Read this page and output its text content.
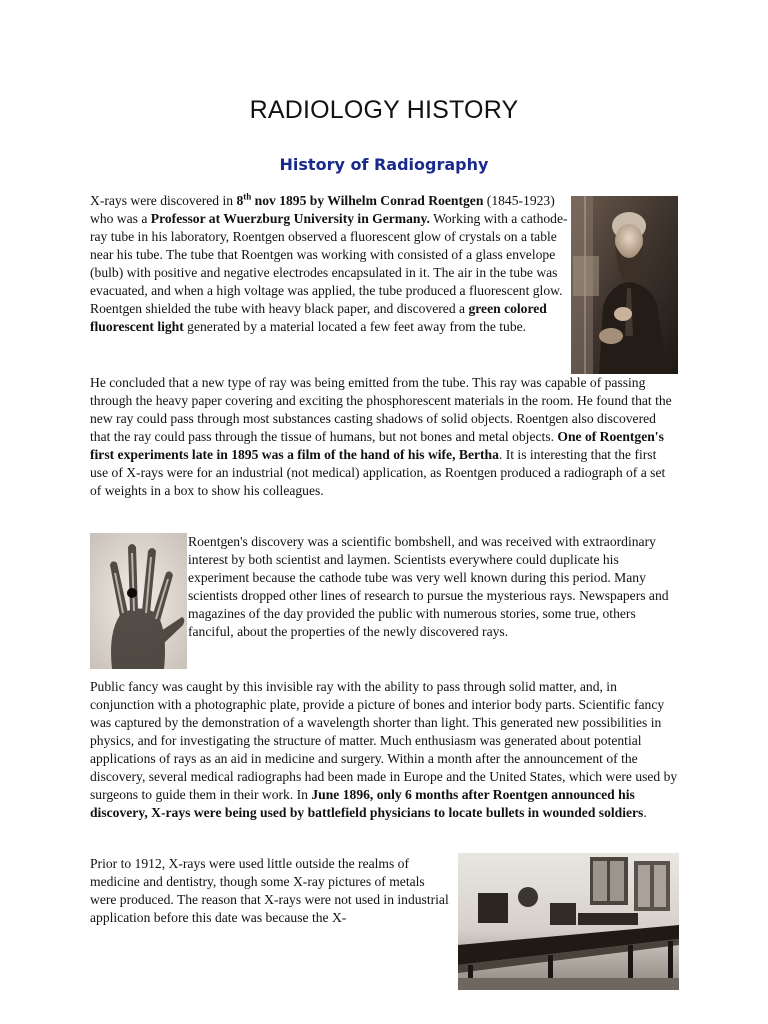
RADIOLOGY HISTORY
History of Radiography

X-rays were discovered in 8th nov 1895 by Wilhelm Conrad Roentgen (1845-1923) who was a Professor at Wuerzburg University in Germany. Working with a cathode-ray tube in his laboratory, Roentgen observed a fluorescent glow of crystals on a table near his tube. The tube that Roentgen was working with consisted of a glass envelope (bulb) with positive and negative electrodes encapsulated in it. The air in the tube was evacuated, and when a high voltage was applied, the tube produced a fluorescent glow. Roentgen shielded the tube with heavy black paper, and discovered a green colored fluorescent light generated by a material located a few feet away from the tube.

He concluded that a new type of ray was being emitted from the tube. This ray was capable of passing through the heavy paper covering and exciting the phosphorescent materials in the room. He found that the new ray could pass through most substances casting shadows of solid objects. Roentgen also discovered that the ray could pass through the tissue of humans, but not bones and metal objects. One of Roentgen's first experiments late in 1895 was a film of the hand of his wife, Bertha. It is interesting that the first use of X-rays were for an industrial (not medical) application, as Roentgen produced a radiograph of a set of weights in a box to show his colleagues.

Roentgen's discovery was a scientific bombshell, and was received with extraordinary interest by both scientist and laymen. Scientists everywhere could duplicate his experiment because the cathode tube was very well known during this period. Many scientists dropped other lines of research to pursue the mysterious rays. Newspapers and magazines of the day provided the public with numerous stories, some true, others fanciful, about the properties of the newly discovered rays.

Public fancy was caught by this invisible ray with the ability to pass through solid matter, and, in conjunction with a photographic plate, provide a picture of bones and interior body parts. Scientific fancy was captured by the demonstration of a wavelength shorter than light. This generated new possibilities in physics, and for investigating the structure of matter. Much enthusiasm was generated about potential applications of rays as an aid in medicine and surgery. Within a month after the announcement of the discovery, several medical radiographs had been made in Europe and the United States, which were used by surgeons to guide them in their work. In June 1896, only 6 months after Roentgen announced his discovery, X-rays were being used by battlefield physicians to locate bullets in wounded soldiers.

Prior to 1912, X-rays were used little outside the realms of medicine and dentistry, though some X-ray pictures of metals were produced. The reason that X-rays were not used in industrial application before this date was because the X-
